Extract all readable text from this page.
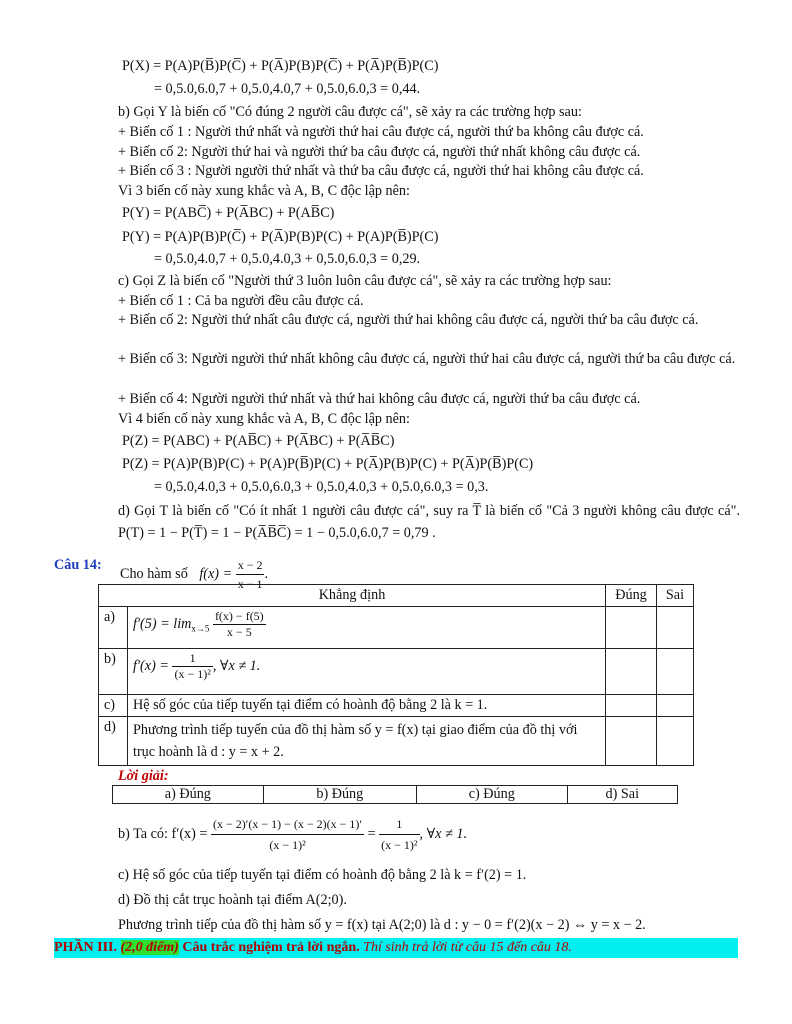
P(X) = P(A)P(B̅)P(C̅) + P(A̅)P(B)P(C̅) + P(A̅)P(B̅)P(C)
= 0,5.0,6.0,7 + 0,5.0,4.0,7 + 0,5.0,6.0,3 = 0,44.
b) Gọi Y là biến cố "Có đúng 2 người câu được cá", sẽ xảy ra các trường hợp sau:
+ Biến cố 1 : Người thứ nhất và người thứ hai câu được cá, người thứ ba không câu được cá.
+ Biến cố 2: Người thứ hai và người thứ ba câu được cá, người thứ nhất không câu được cá.
+ Biến cố 3 : Người người thứ nhất và thứ ba câu được cá, người thứ hai không câu được cá.
Vì 3 biến cố này xung khắc và A, B, C độc lập nên:
P(Y) = P(ABC̅) + P(A̅BC) + P(AB̅C)
P(Y) = P(A)P(B)P(C̅) + P(A̅)P(B)P(C) + P(A)P(B̅)P(C)
= 0,5.0,4.0,7 + 0,5.0,4.0,3 + 0,5.0,6.0,3 = 0,29.
c) Gọi Z là biến cố "Người thứ 3 luôn luôn câu được cá", sẽ xảy ra các trường hợp sau:
+ Biến cố 1 : Cả ba người đều câu được cá.
+ Biến cố 2: Người thứ nhất câu được cá, người thứ hai không câu được cá, người thứ ba câu được cá.
+ Biến cố 3: Người người thứ nhất không câu được cá, người thứ hai câu được cá, người thứ ba câu được cá.
+ Biến cố 4: Người người thứ nhất và thứ hai không câu được cá, người thứ ba câu được cá.
Vì 4 biến cố này xung khắc và A, B, C độc lập nên:
P(Z) = P(ABC) + P(AB̅C) + P(A̅BC) + P(A̅B̅C)
P(Z) = P(A)P(B)P(C) + P(A)P(B̅)P(C) + P(A̅)P(B)P(C) + P(A̅)P(B̅)P(C)
= 0,5.0,4.0,3 + 0,5.0,6.0,3 + 0,5.0,4.0,3 + 0,5.0,6.0,3 = 0,3.
d) Gọi T là biến cố "Có ít nhất 1 người câu được cá", suy ra T̅ là biến cố "Cả 3 người không câu được cá". P(T) = 1 − P(T̅) = 1 − P(A̅B̅C̅) = 1 − 0,5.0,6.0,7 = 0,79 .
Câu 14:
Cho hàm số $f(x) = \frac{x - 2}{x - 1}$ .
Khẳng định		Đúng	Sai
a)	$f'(5) = \lim_{x\to 5} \frac{f(x) - f(5)}{x - 5}$

b)	$f'(x) = \frac{1}{\text{(x − 1)²}}$ , ∀x ≠ 1.		
c)	Hệ số góc của tiếp tuyến tại điểm có hoành độ bằng 2 là k = 1.		
d)	Phương trình tiếp tuyến của đồ thị hàm số y = f(x) tại giao điểm của đồ thị với trục hoành là d : y = x + 2.		
Lời giải:
a) Đúng	b) Đúng	c) Đúng	d) Sai
b) Ta có: $f'(x) = \frac{(x - 2)'(x - 1) - (x - 2)(x - 1)'}{\text{(x − 1)²}} = \frac{1}{\text{(x − 1)²}}$ , ∀x ≠ 1.
c) Hệ số góc của tiếp tuyến tại điểm có hoành độ bằng 2 là k = f′(2) = 1.
d) Đồ thị cắt trục hoành tại điểm A(2;0).
Phương trình tiếp của đồ thị hàm số y = f(x) tại A(2;0) là d : y − 0 = f′(2)(x − 2) ⇔ y = x − 2.
PHẦN III. (2,0 điểm) Câu trắc nghiệm trả lời ngắn. Thí sinh trả lời từ câu 15 đến câu 18.
